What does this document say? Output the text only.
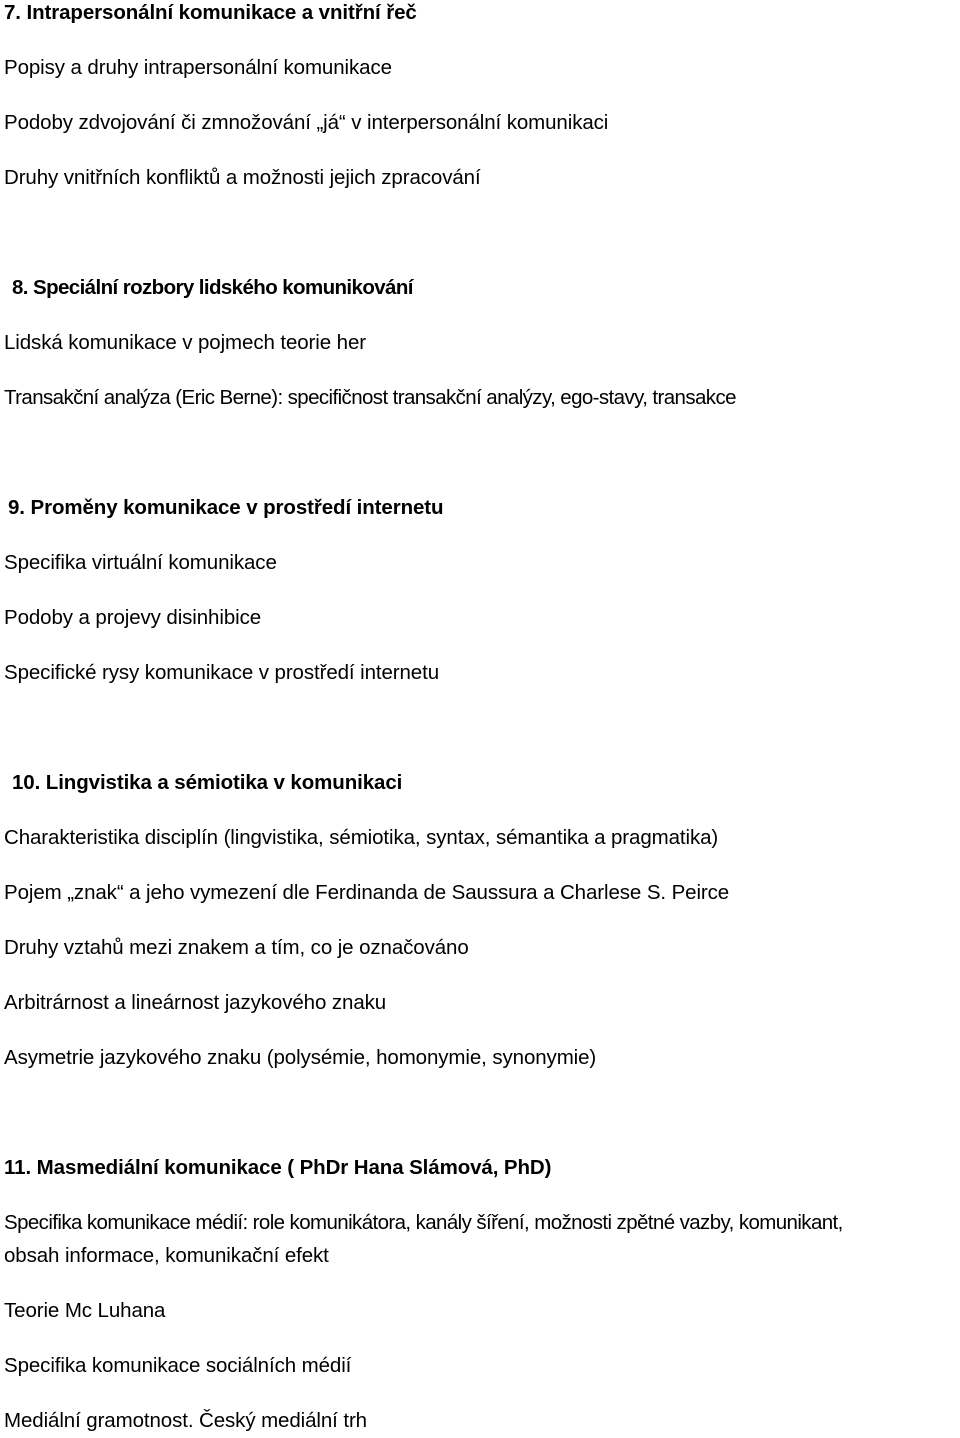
7. Intrapersonální komunikace a vnitřní řeč
Popisy a druhy intrapersonální komunikace
Podoby zdvojování či zmnožování „já“ v interpersonální komunikaci
Druhy vnitřních konfliktů a možnosti jejich zpracování
8. Speciální rozbory lidského komunikování
Lidská komunikace v pojmech teorie her
Transakční analýza (Eric Berne): specifičnost transakční analýzy, ego-stavy, transakce
9. Proměny komunikace v prostředí internetu
Specifika virtuální komunikace
Podoby a projevy disinhibice
Specifické rysy komunikace v prostředí internetu
10. Lingvistika a sémiotika v komunikaci
Charakteristika disciplín (lingvistika, sémiotika, syntax, sémantika a pragmatika)
Pojem „znak“ a jeho vymezení dle Ferdinanda de Saussura a Charlese S. Peirce
Druhy vztahů mezi znakem a tím, co je označováno
Arbitrárnost a lineárnost jazykového znaku
Asymetrie jazykového znaku (polysémie, homonymie, synonymie)
11. Masmediální komunikace ( PhDr Hana Slámová, PhD)
Specifika komunikace médií: role komunikátora, kanály šíření, možnosti zpětné vazby, komunikant,
obsah informace, komunikační efekt
Teorie Mc Luhana
Specifika komunikace sociálních médií
Mediální gramotnost. Český mediální trh
